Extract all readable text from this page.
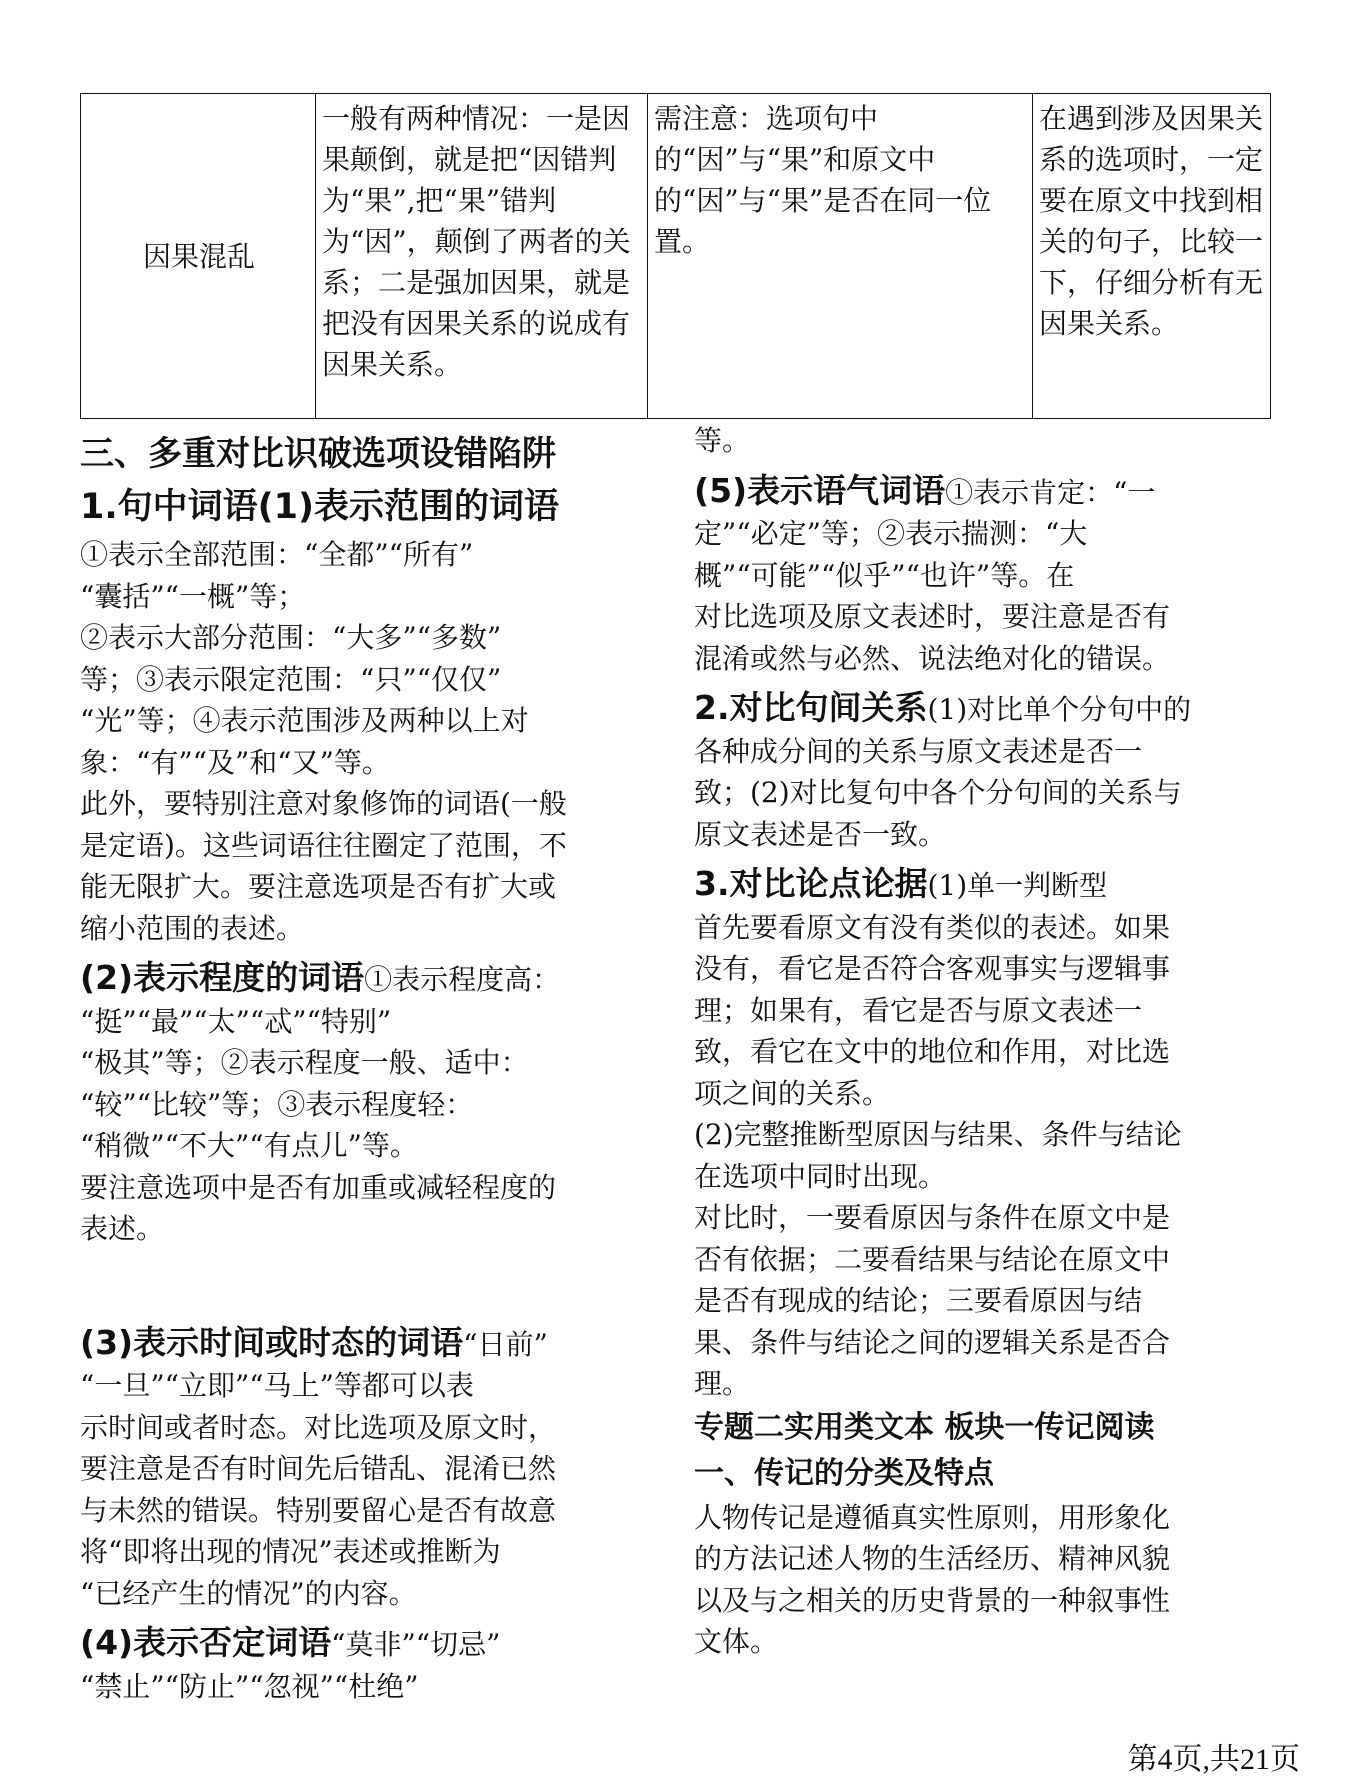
因果混乱	一般有两种情况：一是因果颠倒，就是把“因错判为“果”,把“果”错判为“因”，颠倒了两者的关系；二是强加因果，就是把没有因果关系的说成有因果关系。	需注意：选项句中的“因”与“果”和原文中的“因”与“果”是否在同一位置。	在遇到涉及因果关系的选项时，一定要在原文中找到相关的句子，比较一下，仔细分析有无因果关系。
三、多重对比识破选项设错陷阱
1.句中词语(1)表示范围的词语

①表示全部范围：“全都”“所有”
“囊括”“一概”等；
②表示大部分范围：“大多”“多数”
等；③表示限定范围：“只”“仅仅”
“光”等；④表示范围涉及两种以上对
象：“有”“及”和“又”等。

此外，要特别注意对象修饰的词语(一般
是定语)。这些词语往往圈定了范围，不
能无限扩大。要注意选项是否有扩大或
缩小范围的表述。

(2)表示程度的词语①表示程度高：

“挺”“最”“太”“忒”“特别”
“极其”等；②表示程度一般、适中：
“较”“比较”等；③表示程度轻：
“稍微”“不大”“有点儿”等。

要注意选项中是否有加重或减轻程度的
表述。

(3)表示时间或时态的词语“日前”

“一旦”“立即”“马上”等都可以表
示时间或者时态。对比选项及原文时，
要注意是否有时间先后错乱、混淆已然
与未然的错误。特别要留心是否有故意
将“即将出现的情况”表述或推断为
“已经产生的情况”的内容。

(4)表示否定词语“莫非”“切忌”

“禁止”“防止”“忽视”“杜绝”

等。

(5)表示语气词语①表示肯定：“一

定”“必定”等；②表示揣测：“大
概”“可能”“似乎”“也许”等。在
对比选项及原文表述时，要注意是否有
混淆或然与必然、说法绝对化的错误。

2.对比句间关系(1)对比单个分句中的

各种成分间的关系与原文表述是否一
致；(2)对比复句中各个分句间的关系与
原文表述是否一致。

3.对比论点论据(1)单一判断型

首先要看原文有没有类似的表述。如果
没有，看它是否符合客观事实与逻辑事
理；如果有，看它是否与原文表述一
致，看它在文中的地位和作用，对比选
项之间的关系。

(2)完整推断型原因与结果、条件与结论
在选项中同时出现。

对比时，一要看原因与条件在原文中是
否有依据；二要看结果与结论在原文中
是否有现成的结论；三要看原因与结
果、条件与结论之间的逻辑关系是否合
理。

专题二实用类文本 板块一传记阅读
一、传记的分类及特点

人物传记是遵循真实性原则，用形象化
的方法记述人物的生活经历、精神风貌
以及与之相关的历史背景的一种叙事性
文体。

第4页,共21页
